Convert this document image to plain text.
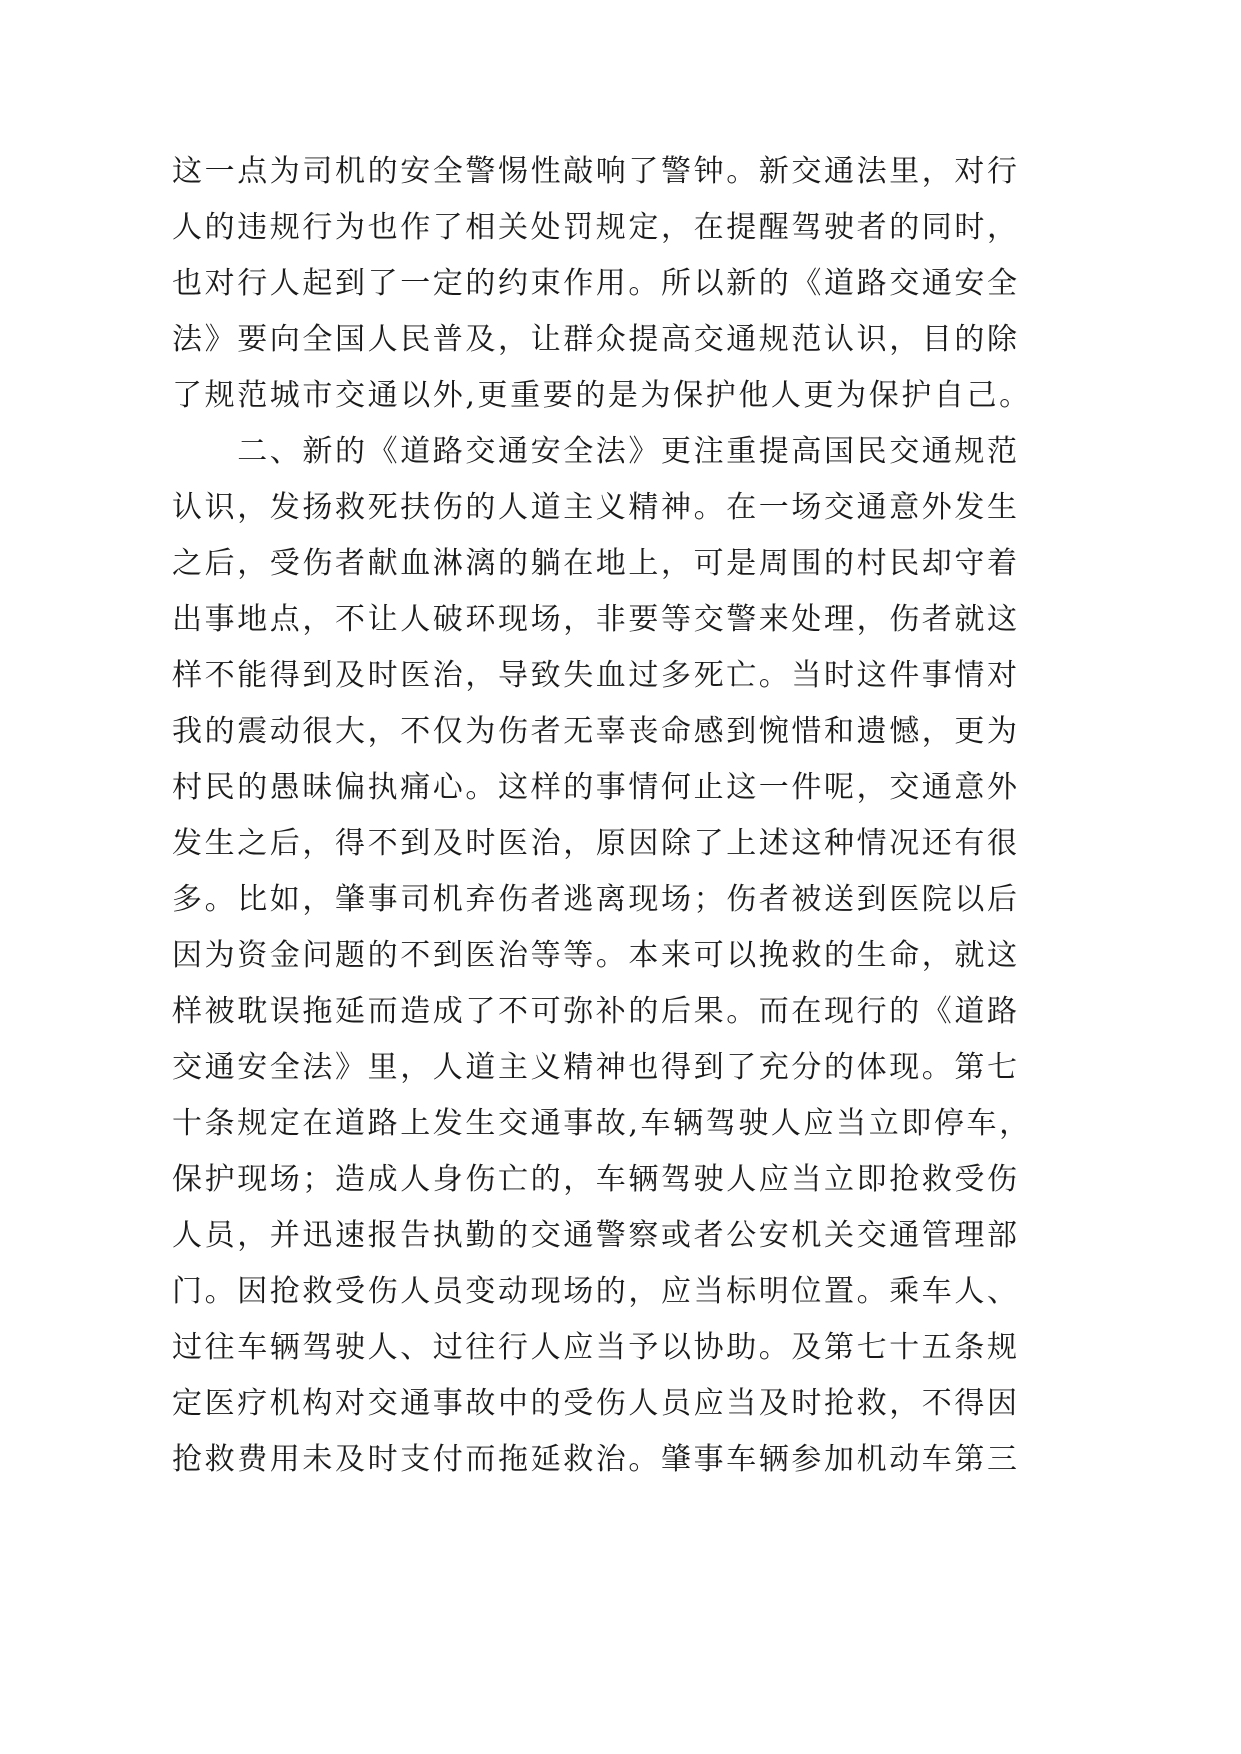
这一点为司机的安全警惕性敲响了警钟。新交通法里，对行
人的违规行为也作了相关处罚规定，在提醒驾驶者的同时，
也对行人起到了一定的约束作用。所以新的《道路交通安全
法》要向全国人民普及，让群众提高交通规范认识，目的除
了规范城市交通以外,更重要的是为保护他人更为保护自己。
　　二、新的《道路交通安全法》更注重提高国民交通规范
认识，发扬救死扶伤的人道主义精神。在一场交通意外发生
之后，受伤者献血淋漓的躺在地上，可是周围的村民却守着
出事地点，不让人破环现场，非要等交警来处理，伤者就这
样不能得到及时医治，导致失血过多死亡。当时这件事情对
我的震动很大，不仅为伤者无辜丧命感到惋惜和遗憾，更为
村民的愚昧偏执痛心。这样的事情何止这一件呢，交通意外
发生之后，得不到及时医治，原因除了上述这种情况还有很
多。比如，肇事司机弃伤者逃离现场；伤者被送到医院以后
因为资金问题的不到医治等等。本来可以挽救的生命，就这
样被耽误拖延而造成了不可弥补的后果。而在现行的《道路
交通安全法》里，人道主义精神也得到了充分的体现。第七
十条规定在道路上发生交通事故,车辆驾驶人应当立即停车，
保护现场；造成人身伤亡的，车辆驾驶人应当立即抢救受伤
人员，并迅速报告执勤的交通警察或者公安机关交通管理部
门。因抢救受伤人员变动现场的，应当标明位置。乘车人、
过往车辆驾驶人、过往行人应当予以协助。及第七十五条规
定医疗机构对交通事故中的受伤人员应当及时抢救，不得因
抢救费用未及时支付而拖延救治。肇事车辆参加机动车第三
